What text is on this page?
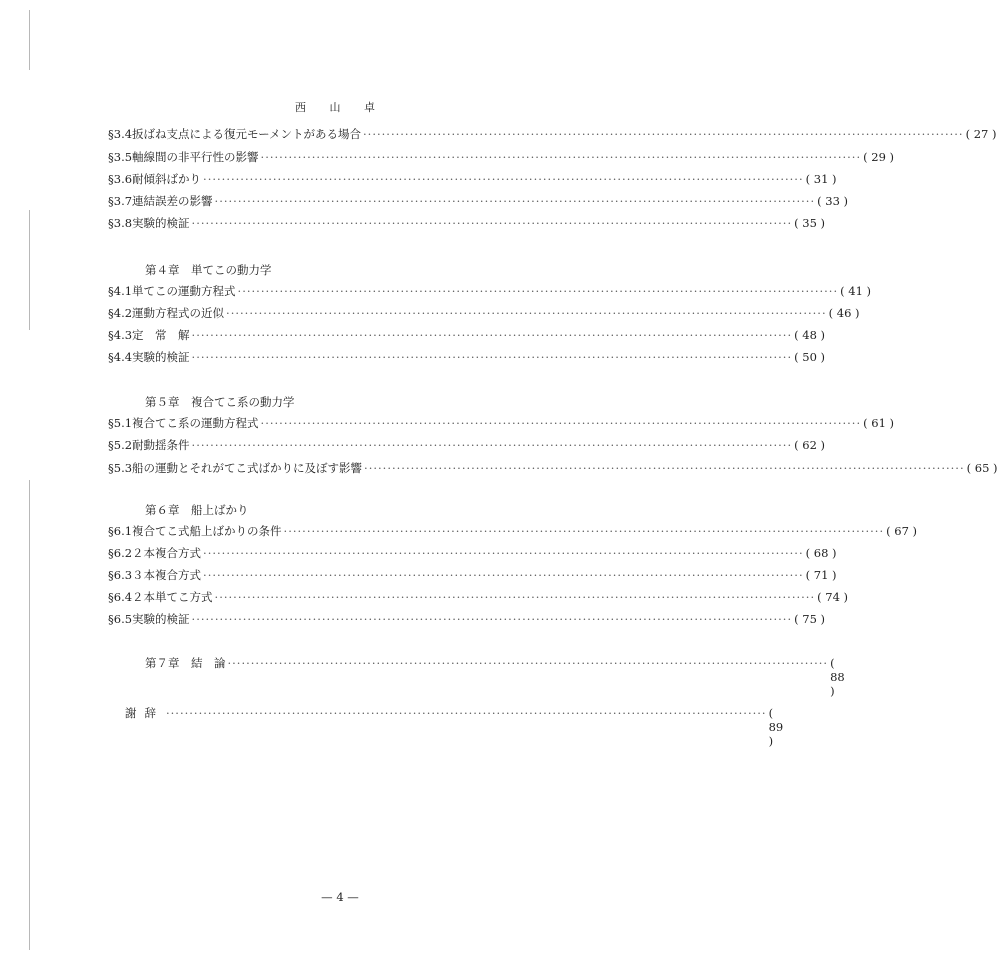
西 山 卓
§ 3.4 扳ばね支点による復元モーメントがある場合 ································································································································· ( 27 )
§ 3.5 軸線間の非平行性の影響 ································································································································· ( 29 )
§ 3.6 耐傾斜ばかり ································································································································· ( 31 )
§ 3.7 連結誤差の影響 ································································································································· ( 33 )
§ 3.8 実験的検証 ································································································································· ( 35 )
第４章　単てこの動力学
§ 4.1 単てこの運動方程式 ································································································································· ( 41 )
§ 4.2 運動方程式の近似 ································································································································· ( 46 )
§ 4.3 定　常　解 ································································································································· ( 48 )
§ 4.4 実験的検証 ································································································································· ( 50 )
第５章　複合てこ系の動力学
§ 5.1 複合てこ系の運動方程式 ································································································································· ( 61 )
§ 5.2 耐動揺条件 ································································································································· ( 62 )
§ 5.3 船の運動とそれがてこ式ばかりに及ぼす影響 ································································································································· ( 65 )
第６章　船上ばかり
§ 6.1 複合てこ式船上ばかりの条件 ································································································································· ( 67 )
§ 6.2 ２本複合方式 ································································································································· ( 68 )
§ 6.3 ３本複合方式 ································································································································· ( 71 )
§ 6.4 ２本単てこ方式 ································································································································· ( 74 )
§ 6.5 実験的検証 ································································································································· ( 75 )
第７章　結　論 ································································································································· ( 88 )
謝辞 ································································································································· ( 89 )
— 4 —
